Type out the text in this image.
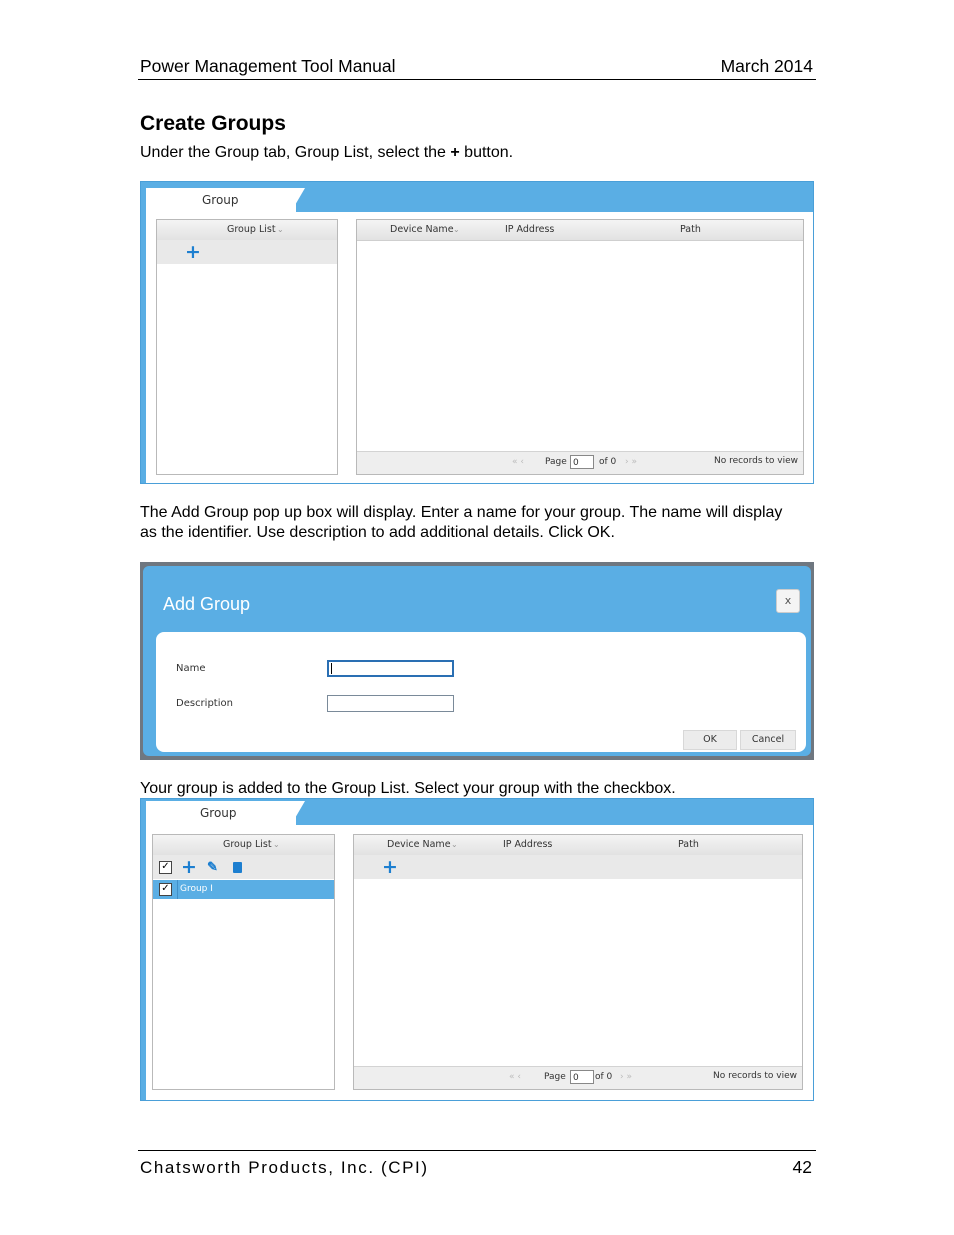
Power Management Tool Manual	March 2014
Create Groups
Under the Group tab, Group List, select the + button.
Group
Group List ⌄
+
Device Name ⌄	IP Address	Path
« ‹ Page 0	of 0 › »	No records to view
The Add Group pop up box will display. Enter a name for your group. The name will display as the identifier. Use description to add additional details. Click OK.
Add Group	x
Name
Description
OK	Cancel
Your group is added to the Group List. Select your group with the checkbox.
Group
Group List ⌄
✓ + ✎
✓ Group I
Device Name ⌄	IP Address	Path
+
« ‹	Page 0	of 0 › »	No records to view
Chatsworth Products, Inc. (CPI)	42
